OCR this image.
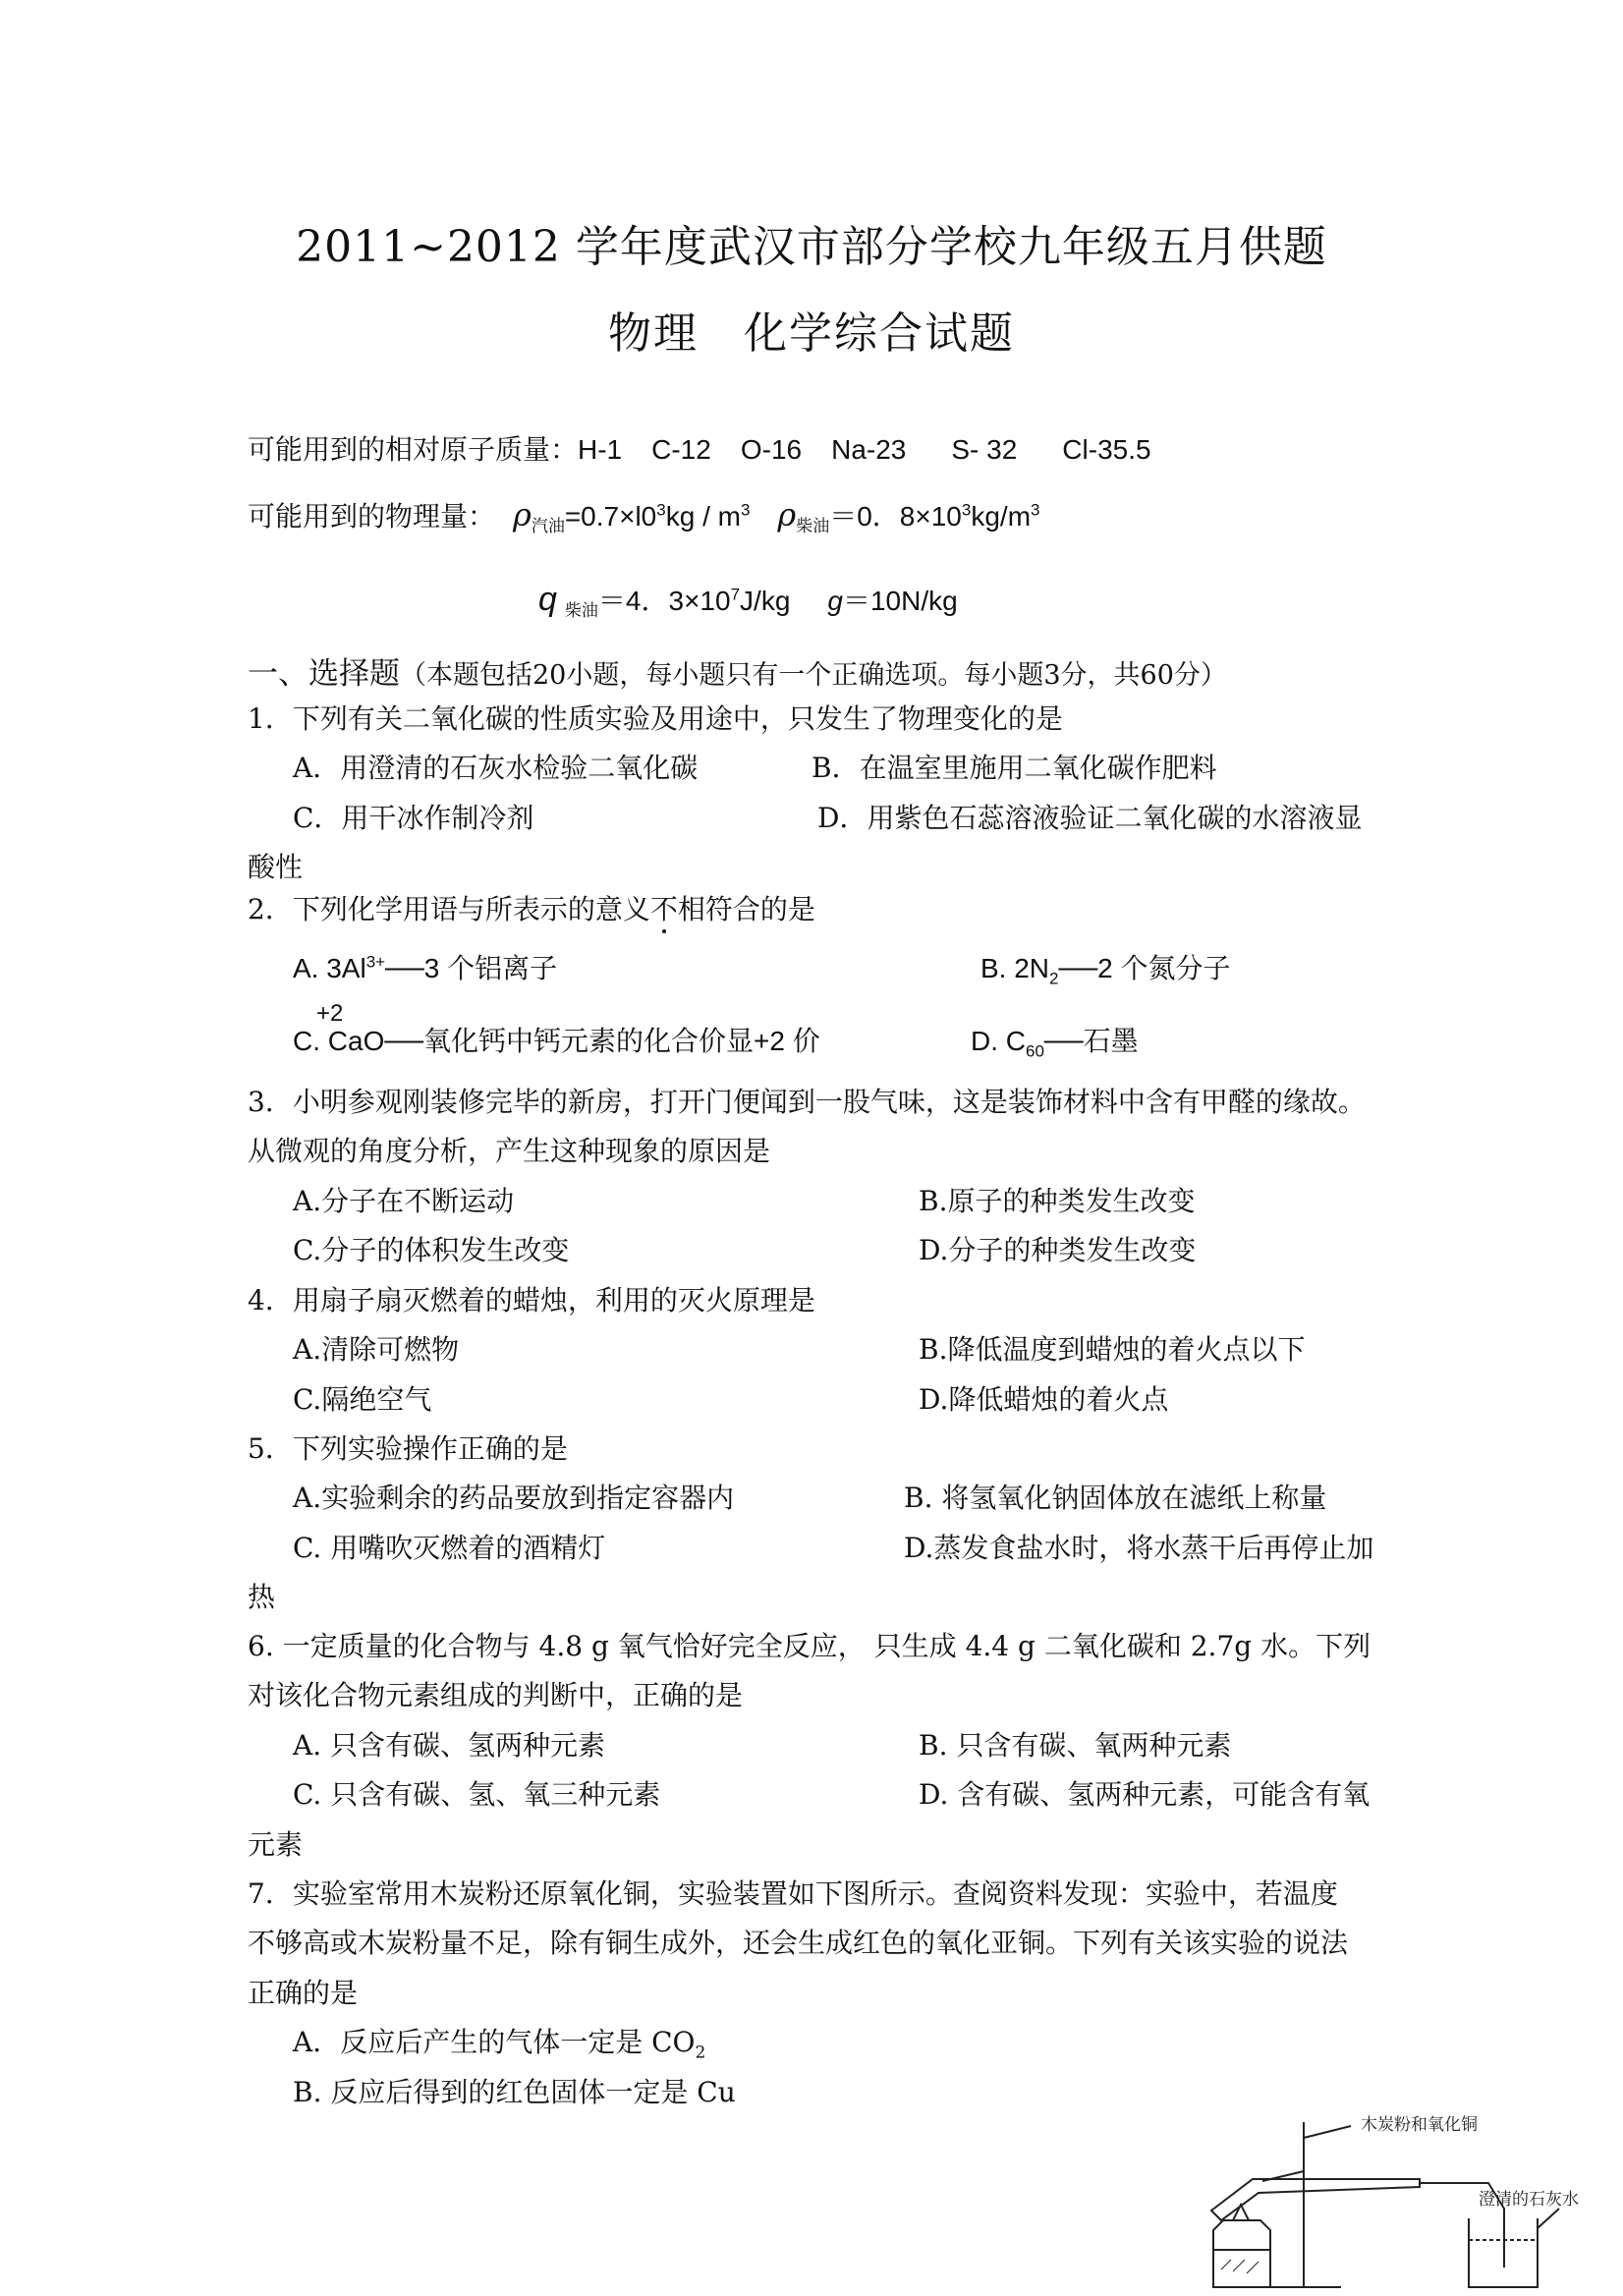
2011~2012 学年度武汉市部分学校九年级五月供题
物理 化学综合试题
可能用到的相对原子质量：H-1 C-12 O-16 Na-23 S- 32 Cl-35.5
可能用到的物理量： $\rho_{汽油}=0.7\times l0^3kg / m^3$ $\rho_{柴油}=0$．$8\times 10^3kg/m^3$
q $_{柴油}$＝4．$3\times 10^7J/kg$ g＝10N/kg
一、选择题（本题包括20小题，每小题只有一个正确选项。每小题3分，共60分）
1．下列有关二氧化碳的性质实验及用途中，只发生了物理变化的是
A．用澄清的石灰水检验二氧化碳	B．在温室里施用二氧化碳作肥料
C．用干冰作制冷剂	D．用紫色石蕊溶液验证二氧化碳的水溶液显
酸性
2．下列化学用语与所表示的意义不相符合的是
A. $3Al^{3+}──3$ 个铝离子	B. $2N_2──2$ 个氮分子
+2
C. CaO──氧化钙中钙元素的化合价显+2 价	D. $C_{60}──$石墨
3．小明参观刚装修完毕的新房，打开门便闻到一股气味，这是装饰材料中含有甲醛的缘故。
从微观的角度分析，产生这种现象的原因是
A.分子在不断运动	B.原子的种类发生改变
C.分子的体积发生改变	D.分子的种类发生改变
4．用扇子扇灭燃着的蜡烛，利用的灭火原理是
A.清除可燃物	B.降低温度到蜡烛的着火点以下
C.隔绝空气	D.降低蜡烛的着火点
5．下列实验操作正确的是
A.实验剩余的药品要放到指定容器内	B. 将氢氧化钠固体放在滤纸上称量
C. 用嘴吹灭燃着的酒精灯	D.蒸发食盐水时，将水蒸干后再停止加
热
6. 一定质量的化合物与 4.8 g 氧气恰好完全反应， 只生成 4.4 g 二氧化碳和 2.7g 水。下列
对该化合物元素组成的判断中，正确的是
A. 只含有碳、氢两种元素	B. 只含有碳、氧两种元素
C. 只含有碳、氢、氧三种元素	D. 含有碳、氢两种元素，可能含有氧
元素
7．实验室常用木炭粉还原氧化铜，实验装置如下图所示。查阅资料发现：实验中，若温度
不够高或木炭粉量不足，除有铜生成外，还会生成红色的氧化亚铜。下列有关该实验的说法
正确的是
A．反应后产生的气体一定是 $CO_2$
B. 反应后得到的红色固体一定是 Cu
木炭粉和氧化铜
澄清的石灰水
